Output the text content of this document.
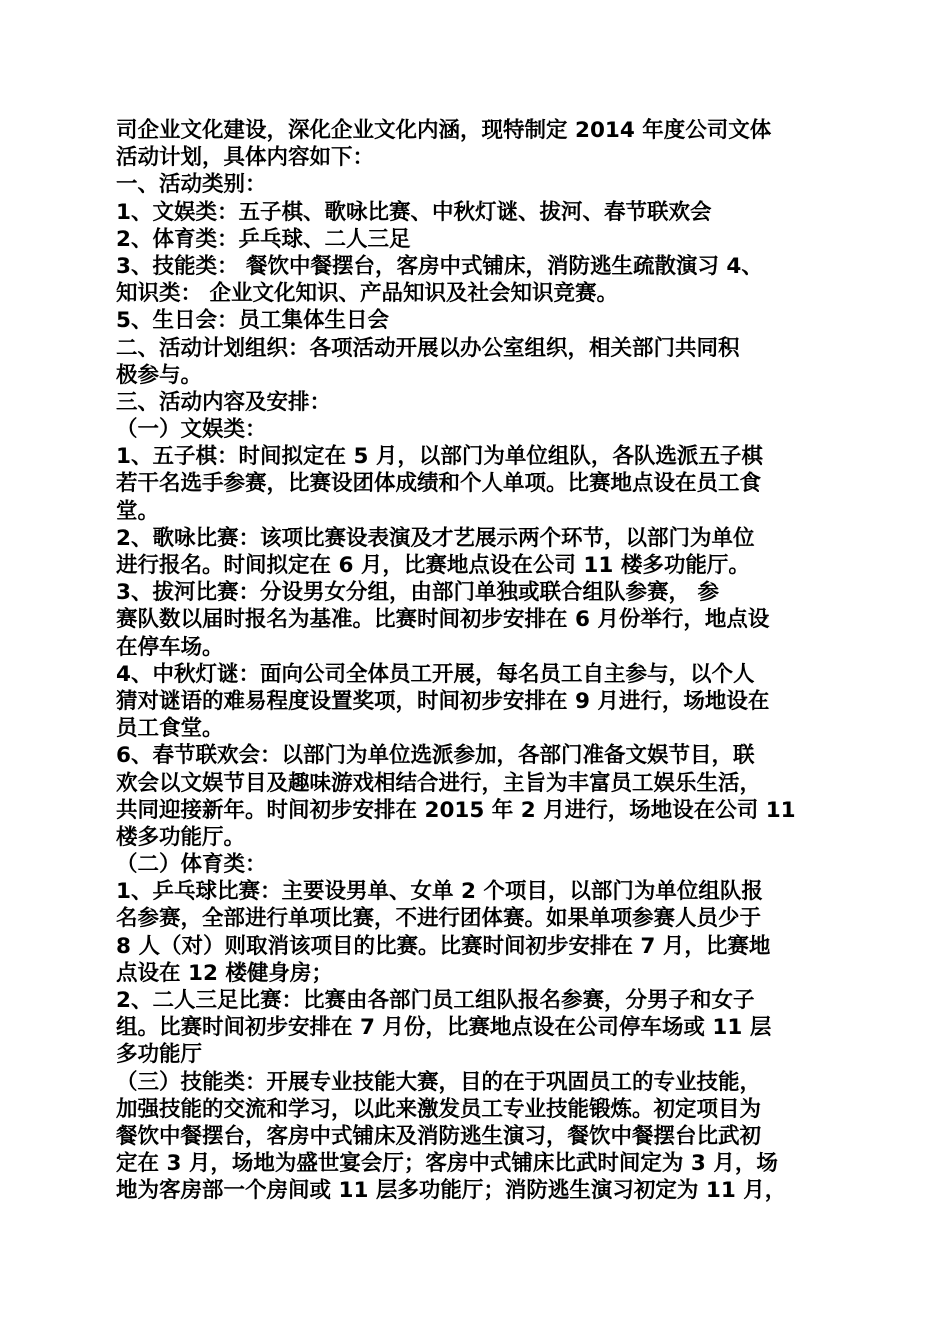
司企业文化建设，深化企业文化内涵，现特制定 2014 年度公司文体
活动计划，具体内容如下：
一、活动类别：
1、文娱类：五子棋、歌咏比赛、中秋灯谜、拔河、春节联欢会
2、体育类：乒乓球、二人三足
3、技能类： 餐饮中餐摆台，客房中式铺床，消防逃生疏散演习 4、
知识类： 企业文化知识、产品知识及社会知识竞赛。
5、生日会：员工集体生日会
二、活动计划组织：各项活动开展以办公室组织，相关部门共同积
极参与。
三、活动内容及安排：
（一）文娱类：
1、五子棋：时间拟定在 5 月，以部门为单位组队，各队选派五子棋
若干名选手参赛，比赛设团体成绩和个人单项。比赛地点设在员工食
堂。
2、歌咏比赛：该项比赛设表演及才艺展示两个环节，以部门为单位
进行报名。时间拟定在 6 月，比赛地点设在公司 11 楼多功能厅。
3、拔河比赛：分设男女分组，由部门单独或联合组队参赛， 参
赛队数以届时报名为基准。比赛时间初步安排在 6 月份举行，地点设
在停车场。
4、中秋灯谜：面向公司全体员工开展，每名员工自主参与，以个人
猜对谜语的难易程度设置奖项，时间初步安排在 9 月进行，场地设在
员工食堂。
6、春节联欢会：以部门为单位选派参加，各部门准备文娱节目，联
欢会以文娱节目及趣味游戏相结合进行，主旨为丰富员工娱乐生活，
共同迎接新年。时间初步安排在 2015 年 2 月进行，场地设在公司 11
楼多功能厅。
（二）体育类：
1、乒乓球比赛：主要设男单、女单 2 个项目，以部门为单位组队报
名参赛，全部进行单项比赛，不进行团体赛。如果单项参赛人员少于
8 人（对）则取消该项目的比赛。比赛时间初步安排在 7 月，比赛地
点设在 12 楼健身房；
2、二人三足比赛：比赛由各部门员工组队报名参赛，分男子和女子
组。比赛时间初步安排在 7 月份，比赛地点设在公司停车场或 11 层
多功能厅
（三）技能类：开展专业技能大赛，目的在于巩固员工的专业技能，
加强技能的交流和学习，以此来激发员工专业技能锻炼。初定项目为
餐饮中餐摆台，客房中式铺床及消防逃生演习，餐饮中餐摆台比武初
定在 3 月，场地为盛世宴会厅；客房中式铺床比武时间定为 3 月，场
地为客房部一个房间或 11 层多功能厅；消防逃生演习初定为 11 月，
